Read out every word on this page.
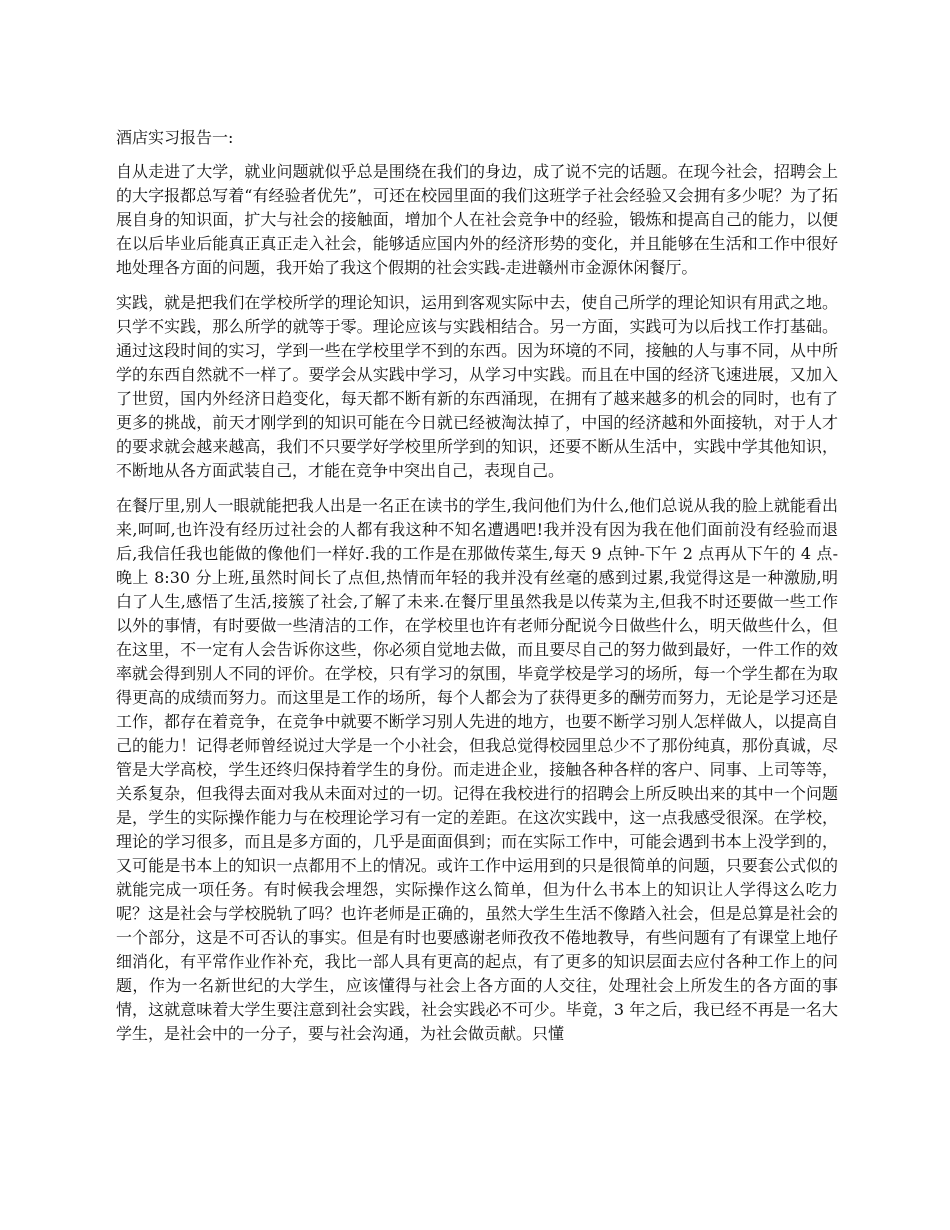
酒店实习报告一:

自从走进了大学，就业问题就似乎总是围绕在我们的身边，成了说不完的话题。在现今社会，招聘会上的大字报都总写着“有经验者优先”，可还在校园里面的我们这班学子社会经验又会拥有多少呢？为了拓展自身的知识面，扩大与社会的接触面，增加个人在社会竞争中的经验，锻炼和提高自己的能力，以便在以后毕业后能真正真正走入社会，能够适应国内外的经济形势的变化，并且能够在生活和工作中很好地处理各方面的问题，我开始了我这个假期的社会实践-走进赣州市金源休闲餐厅。

实践，就是把我们在学校所学的理论知识，运用到客观实际中去，使自己所学的理论知识有用武之地。只学不实践，那么所学的就等于零。理论应该与实践相结合。另一方面，实践可为以后找工作打基础。通过这段时间的实习，学到一些在学校里学不到的东西。因为环境的不同，接触的人与事不同，从中所学的东西自然就不一样了。要学会从实践中学习，从学习中实践。而且在中国的经济飞速进展，又加入了世贸，国内外经济日趋变化，每天都不断有新的东西涌现，在拥有了越来越多的机会的同时，也有了更多的挑战，前天才刚学到的知识可能在今日就已经被淘汰掉了，中国的经济越和外面接轨，对于人才的要求就会越来越高，我们不只要学好学校里所学到的知识，还要不断从生活中，实践中学其他知识，不断地从各方面武装自己，才能在竞争中突出自己，表现自己。

在餐厅里,别人一眼就能把我人出是一名正在读书的学生,我问他们为什么,他们总说从我的脸上就能看出来,呵呵,也许没有经历过社会的人都有我这种不知名遭遇吧!我并没有因为我在他们面前没有经验而退后,我信任我也能做的像他们一样好.我的工作是在那做传菜生,每天 9 点钟-下午 2 点再从下午的 4 点-晚上 8:30 分上班,虽然时间长了点但,热情而年轻的我并没有丝毫的感到过累,我觉得这是一种激励,明白了人生,感悟了生活,接簇了社会,了解了未来.在餐厅里虽然我是以传菜为主,但我不时还要做一些工作以外的事情，有时要做一些清洁的工作，在学校里也许有老师分配说今日做些什么，明天做些什么，但在这里，不一定有人会告诉你这些，你必须自觉地去做，而且要尽自己的努力做到最好，一件工作的效率就会得到别人不同的评价。在学校，只有学习的氛围，毕竟学校是学习的场所，每一个学生都在为取得更高的成绩而努力。而这里是工作的场所，每个人都会为了获得更多的酬劳而努力，无论是学习还是工作，都存在着竞争，在竞争中就要不断学习别人先进的地方，也要不断学习别人怎样做人，以提高自己的能力！记得老师曾经说过大学是一个小社会，但我总觉得校园里总少不了那份纯真，那份真诚，尽管是大学高校，学生还终归保持着学生的身份。而走进企业，接触各种各样的客户、同事、上司等等，关系复杂，但我得去面对我从未面对过的一切。记得在我校进行的招聘会上所反映出来的其中一个问题是，学生的实际操作能力与在校理论学习有一定的差距。在这次实践中，这一点我感受很深。在学校，理论的学习很多，而且是多方面的，几乎是面面俱到；而在实际工作中，可能会遇到书本上没学到的，又可能是书本上的知识一点都用不上的情况。或许工作中运用到的只是很简单的问题，只要套公式似的就能完成一项任务。有时候我会埋怨，实际操作这么简单，但为什么书本上的知识让人学得这么吃力呢？这是社会与学校脱轨了吗？也许老师是正确的，虽然大学生生活不像踏入社会，但是总算是社会的一个部分，这是不可否认的事实。但是有时也要感谢老师孜孜不倦地教导，有些问题有了有课堂上地仔细消化，有平常作业作补充，我比一部人具有更高的起点，有了更多的知识层面去应付各种工作上的问题，作为一名新世纪的大学生，应该懂得与社会上各方面的人交往，处理社会上所发生的各方面的事情，这就意味着大学生要注意到社会实践，社会实践必不可少。毕竟，3 年之后，我已经不再是一名大学生，是社会中的一分子，要与社会沟通，为社会做贡献。只懂
